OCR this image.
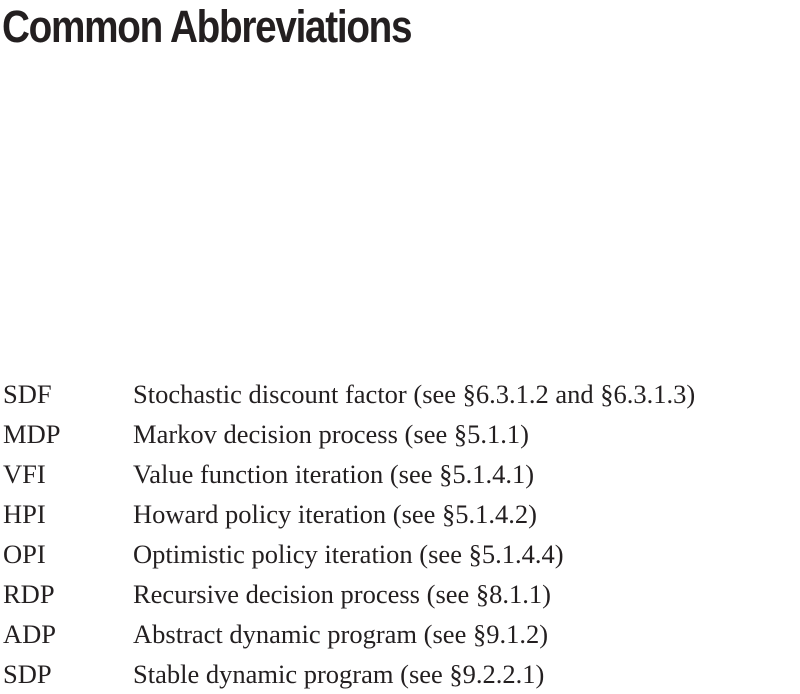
Common Abbreviations
SDF	Stochastic discount factor (see §6.3.1.2 and §6.3.1.3)
MDP	Markov decision process (see §5.1.1)
VFI	Value function iteration (see §5.1.4.1)
HPI	Howard policy iteration (see §5.1.4.2)
OPI	Optimistic policy iteration (see §5.1.4.4)
RDP	Recursive decision process (see §8.1.1)
ADP	Abstract dynamic program (see §9.1.2)
SDP	Stable dynamic program (see §9.2.2.1)
